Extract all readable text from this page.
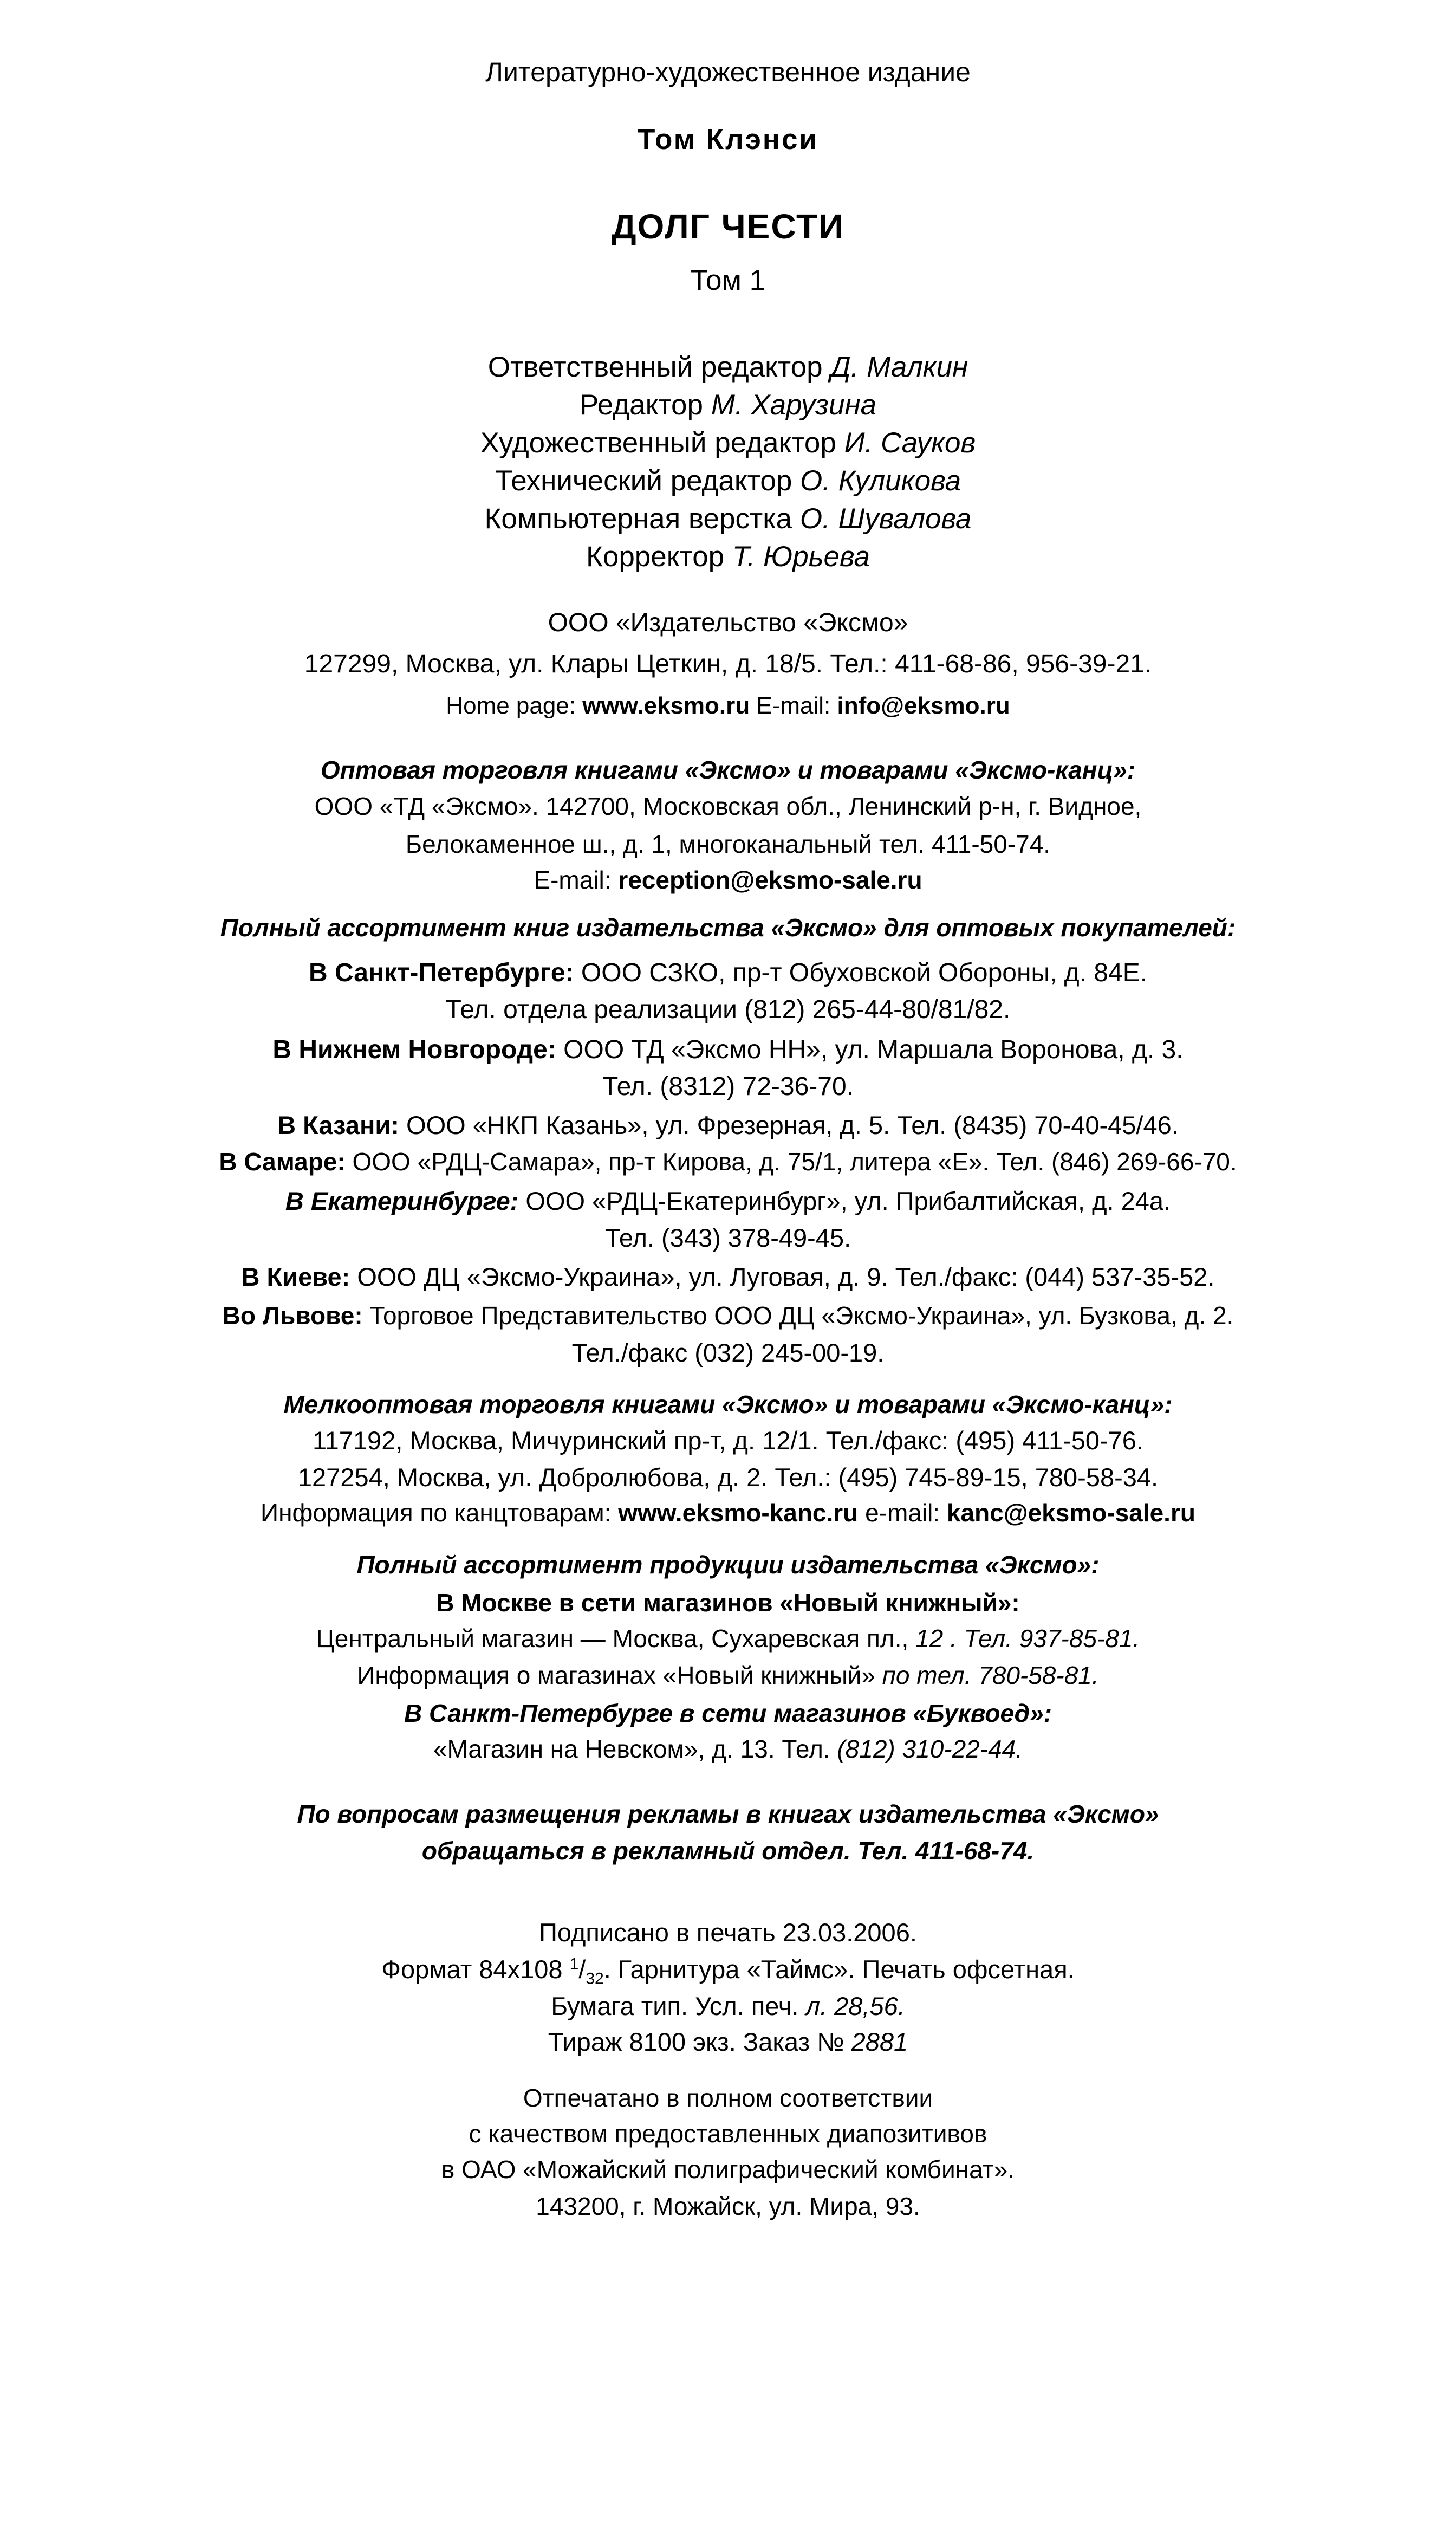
Литературно-художественное издание

Том Клэнси

ДОЛГ ЧЕСТИ

Том 1

Ответственный редактор Д. Малкин

Редактор М. Харузина

Художественный редактор И. Сауков

Технический редактор О. Куликова

Компьютерная верстка О. Шувалова

Корректор Т. Юрьева

ООО «Издательство «Эксмо»

127299, Москва, ул. Клары Цеткин, д. 18/5. Тел.: 411-68-86, 956-39-21.

Home page: www.eksmo.ru E-mail: info@eksmo.ru

Оптовая торговля книгами «Эксмо» и товарами «Эксмо-канц»:

ООО «ТД «Эксмо». 142700, Московская обл., Ленинский р-н, г. Видное,

Белокаменное ш., д. 1, многоканальный тел. 411-50-74.

E-mail: reception@eksmo-sale.ru

Полный ассортимент книг издательства «Эксмо» для оптовых покупателей:

В Санкт-Петербурге: ООО СЗКО, пр-т Обуховской Обороны, д. 84Е.

Тел. отдела реализации (812) 265-44-80/81/82.

В Нижнем Новгороде: ООО ТД «Эксмо НН», ул. Маршала Воронова, д. 3.

Тел. (8312) 72-36-70.

В Казани: ООО «НКП Казань», ул. Фрезерная, д. 5. Тел. (8435) 70-40-45/46.

В Самаре: ООО «РДЦ-Самара», пр-т Кирова, д. 75/1, литера «Е». Тел. (846) 269-66-70.

В Екатеринбурге: ООО «РДЦ-Екатеринбург», ул. Прибалтийская, д. 24а.

Тел. (343) 378-49-45.

В Киеве: ООО ДЦ «Эксмо-Украина», ул. Луговая, д. 9. Тел./факс: (044) 537-35-52.

Во Львове: Торговое Представительство ООО ДЦ «Эксмо-Украина», ул. Бузкова, д. 2.

Тел./факс (032) 245-00-19.

Мелкооптовая торговля книгами «Эксмо» и товарами «Эксмо-канц»:

117192, Москва, Мичуринский пр-т, д. 12/1. Тел./факс: (495) 411-50-76.

127254, Москва, ул. Добролюбова, д. 2. Тел.: (495) 745-89-15, 780-58-34.

Информация по канцтоварам: www.eksmo-kanc.ru e-mail: kanc@eksmo-sale.ru

Полный ассортимент продукции издательства «Эксмо»:

В Москве в сети магазинов «Новый книжный»:

Центральный магазин — Москва, Сухаревская пл., 12 . Тел. 937-85-81.

Информация о магазинах «Новый книжный» по тел. 780-58-81.

В Санкт-Петербурге в сети магазинов «Буквоед»:

«Магазин на Невском», д. 13. Тел. (812) 310-22-44.

По вопросам размещения рекламы в книгах издательства «Эксмо»

обращаться в рекламный отдел. Тел. 411-68-74.

Подписано в печать 23.03.2006.

Формат 84x108 $^1/_{32}$. Гарнитура «Таймс». Печать офсетная.

Бумага тип. Усл. печ. л. 28,56.

Тираж 8100 экз. Заказ № 2881

Отпечатано в полном соответствии

с качеством предоставленных диапозитивов

в ОАО «Можайский полиграфический комбинат».

143200, г. Можайск, ул. Мира, 93.
